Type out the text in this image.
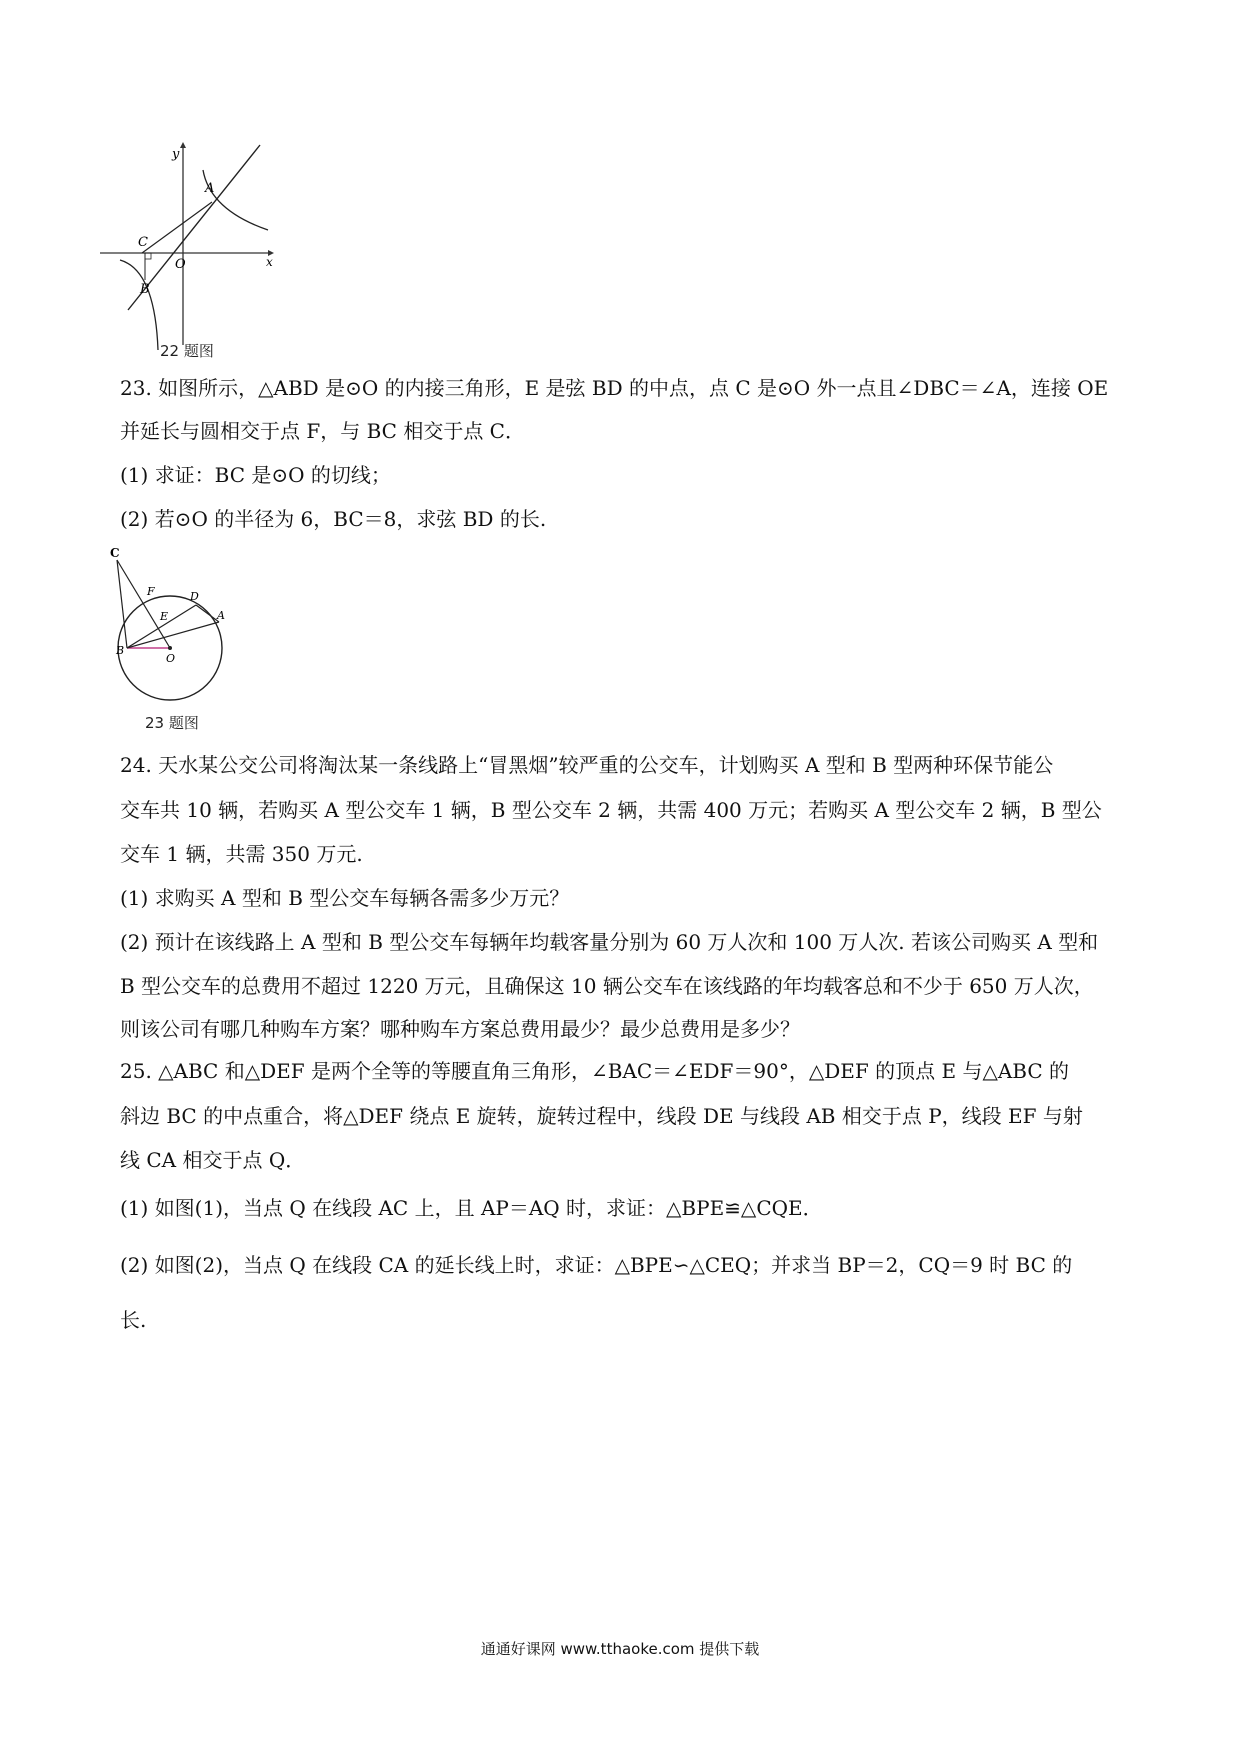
y
x
A
C
O
B
22 题图
23. 如图所示，△ABD 是⊙O 的内接三角形，E 是弦 BD 的中点，点 C 是⊙O 外一点且∠DBC＝∠A，连接 OE
并延长与圆相交于点 F，与 BC 相交于点 C．
(1) 求证：BC 是⊙O 的切线；
(2) 若⊙O 的半径为 6，BC＝8，求弦 BD 的长.
C
F	D
E	A
B
O
23 题图
24. 天水某公交公司将淘汰某一条线路上“冒黑烟”较严重的公交车，计划购买 A 型和 B 型两种环保节能公
交车共 10 辆，若购买 A 型公交车 1 辆，B 型公交车 2 辆，共需 400 万元；若购买 A 型公交车 2 辆，B 型公
交车 1 辆，共需 350 万元.
(1) 求购买 A 型和 B 型公交车每辆各需多少万元？
(2) 预计在该线路上 A 型和 B 型公交车每辆年均载客量分别为 60 万人次和 100 万人次. 若该公司购买 A 型和
B 型公交车的总费用不超过 1220 万元，且确保这 10 辆公交车在该线路的年均载客总和不少于 650 万人次，
则该公司有哪几种购车方案？哪种购车方案总费用最少？最少总费用是多少？
25. △ABC 和△DEF 是两个全等的等腰直角三角形，∠BAC＝∠EDF＝90°，△DEF 的顶点 E 与△ABC 的
斜边 BC 的中点重合，将△DEF 绕点 E 旋转，旋转过程中，线段 DE 与线段 AB 相交于点 P，线段 EF 与射
线 CA 相交于点 Q．
(1) 如图(1)，当点 Q 在线段 AC 上，且 AP＝AQ 时，求证：△BPE≌△CQE．
(2) 如图(2)，当点 Q 在线段 CA 的延长线上时，求证：△BPE∽△CEQ；并求当 BP＝2，CQ＝9 时 BC 的
长.
通通好课网 www.tthaoke.com 提供下载
